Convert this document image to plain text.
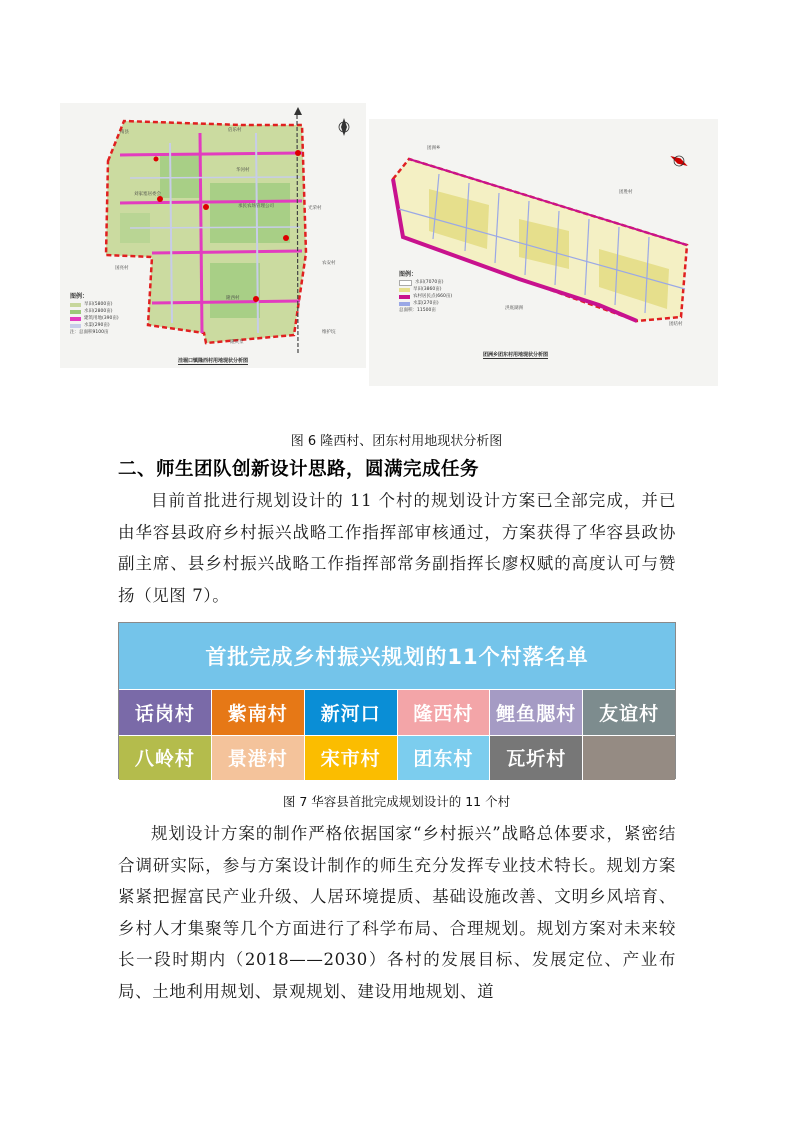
南县	倍乐村
刘家塞居委会
华河村
承民农场管理公司	光荣村
农安村
国亮村
隆西村
隆庆泵
维护垸
图例：
旱田(5800亩)
水田(2800亩)
建筑用地(390亩)
水渠(290亩)
注：总面积9100亩
洼堀口镇隆西村用地现状分析图
团洲乡
团胜村
洪底湖洲
团结村
图例：
水田(7070亩)
旱田(3860亩)
农村居民点(660亩)
水渠(270亩)
总面积：11500亩
团洲乡团东村用地现状分析图
图 6 隆西村、团东村用地现状分析图
二、师生团队创新设计思路，圆满完成任务
目前首批进行规划设计的 11 个村的规划设计方案已全部完成，并已由华容县政府乡村振兴战略工作指挥部审核通过，方案获得了华容县政协副主席、县乡村振兴战略工作指挥部常务副指挥长廖权赋的高度认可与赞扬（见图 7）。
首批完成乡村振兴规划的11个村落名单
话岗村	紫南村	新河口	隆西村	鲤鱼腮村	友谊村
八岭村	景港村	宋市村	团东村	瓦圻村
图 7 华容县首批完成规划设计的 11 个村
规划设计方案的制作严格依据国家“乡村振兴”战略总体要求，紧密结合调研实际，参与方案设计制作的师生充分发挥专业技术特长。规划方案紧紧把握富民产业升级、人居环境提质、基础设施改善、文明乡风培育、乡村人才集聚等几个方面进行了科学布局、合理规划。规划方案对未来较长一段时期内（2018——2030）各村的发展目标、发展定位、产业布局、土地利用规划、景观规划、建设用地规划、道
